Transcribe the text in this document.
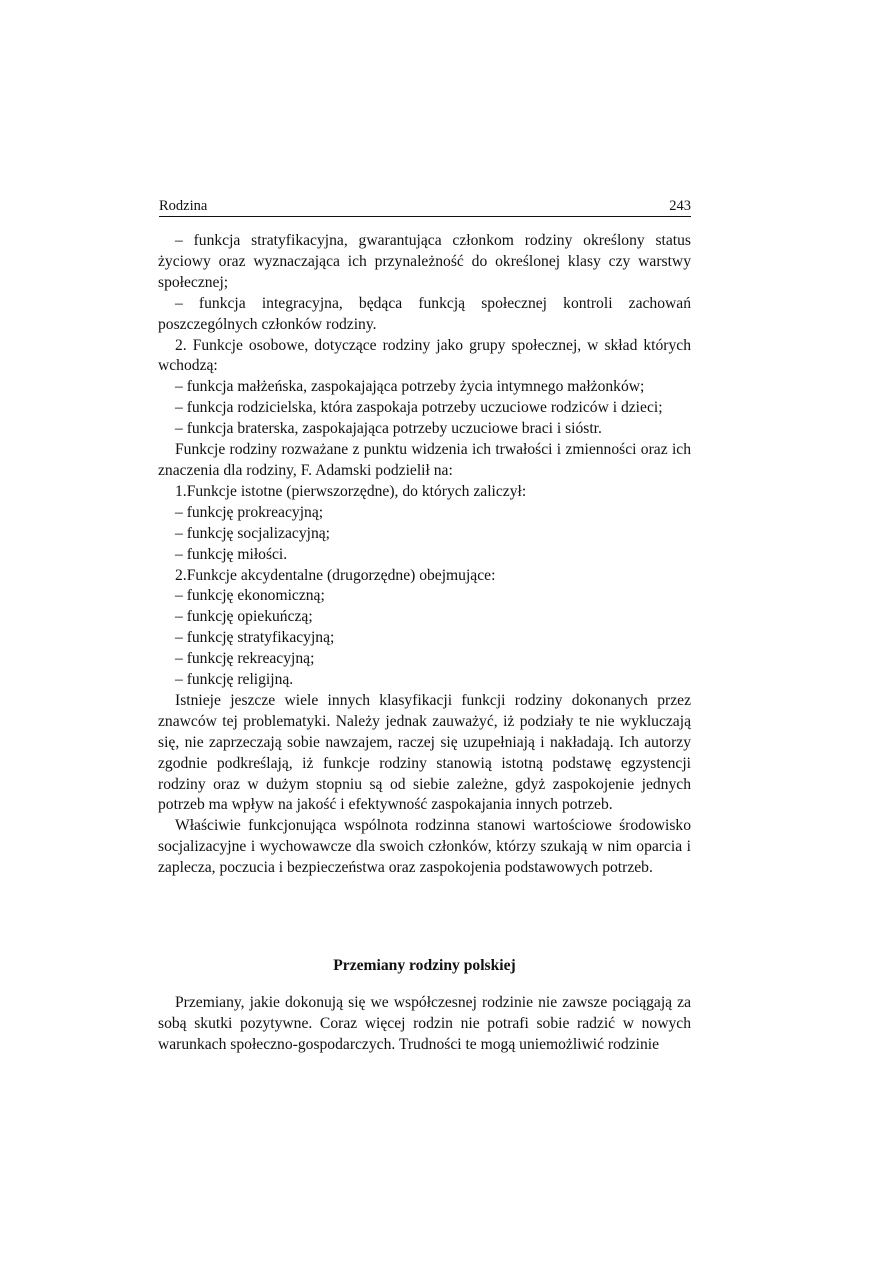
Rodzina	243

– funkcja stratyfikacyjna, gwarantująca członkom rodziny określony status życiowy oraz wyznaczająca ich przynależność do określonej klasy czy warstwy społecznej;

– funkcja integracyjna, będąca funkcją społecznej kontroli zachowań poszczególnych członków rodziny.

2. Funkcje osobowe, dotyczące rodziny jako grupy społecznej, w skład których wchodzą:

– funkcja małżeńska, zaspokajająca potrzeby życia intymnego małżonków;

– funkcja rodzicielska, która zaspokaja potrzeby uczuciowe rodziców i dzieci;

– funkcja braterska, zaspokajająca potrzeby uczuciowe braci i sióstr.

Funkcje rodziny rozważane z punktu widzenia ich trwałości i zmienności oraz ich znaczenia dla rodziny, F. Adamski podzielił na:

1.Funkcje istotne (pierwszorzędne), do których zaliczył:

– funkcję prokreacyjną;

– funkcję socjalizacyjną;

– funkcję miłości.

2.Funkcje akcydentalne (drugorzędne) obejmujące:

– funkcję ekonomiczną;

– funkcję opiekuńczą;

– funkcję stratyfikacyjną;

– funkcję rekreacyjną;

– funkcję religijną.

Istnieje jeszcze wiele innych klasyfikacji funkcji rodziny dokonanych przez znawców tej problematyki. Należy jednak zauważyć, iż podziały te nie wykluczają się, nie zaprzeczają sobie nawzajem, raczej się uzupełniają i nakładają. Ich autorzy zgodnie podkreślają, iż funkcje rodziny stanowią istotną podstawę egzystencji rodziny oraz w dużym stopniu są od siebie zależne, gdyż zaspokojenie jednych potrzeb ma wpływ na jakość i efektywność zaspokajania innych potrzeb.

Właściwie funkcjonująca wspólnota rodzinna stanowi wartościowe środowisko socjalizacyjne i wychowawcze dla swoich członków, którzy szukają w nim oparcia i zaplecza, poczucia i bezpieczeństwa oraz zaspokojenia podstawowych potrzeb.

Przemiany rodziny polskiej

Przemiany, jakie dokonują się we współczesnej rodzinie nie zawsze pociągają za sobą skutki pozytywne. Coraz więcej rodzin nie potrafi sobie radzić w nowych warunkach społeczno-gospodarczych. Trudności te mogą uniemożliwić rodzinie
